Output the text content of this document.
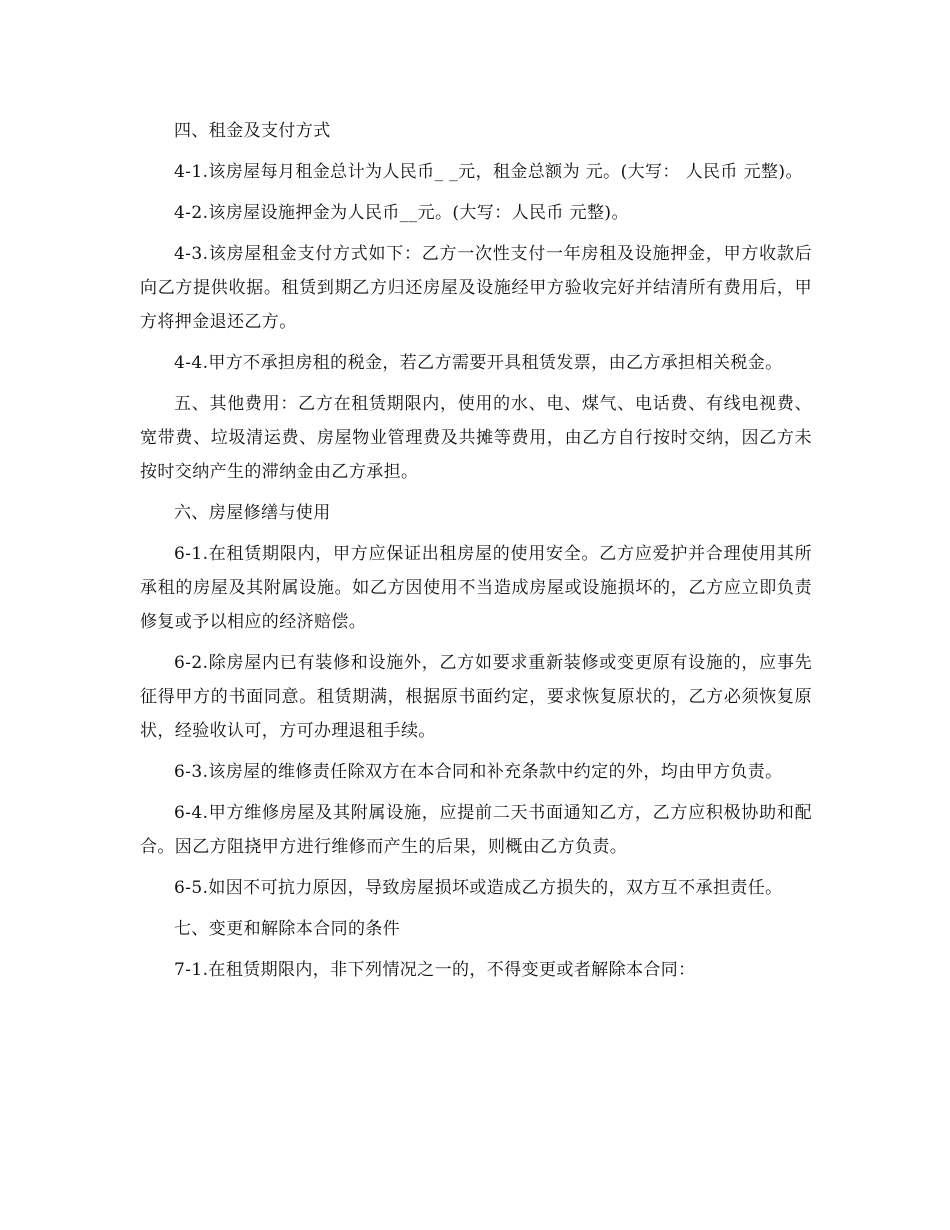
四、租金及支付方式

4-1.该房屋每月租金总计为人民币_ _元，租金总额为 元。(大写： 人民币 元整)。

4-2.该房屋设施押金为人民币__元。(大写：人民币 元整)。

4-3.该房屋租金支付方式如下：乙方一次性支付一年房租及设施押金，甲方收款后向乙方提供收据。租赁到期乙方归还房屋及设施经甲方验收完好并结清所有费用后，甲方将押金退还乙方。

4-4.甲方不承担房租的税金，若乙方需要开具租赁发票，由乙方承担相关税金。

五、其他费用：乙方在租赁期限内，使用的水、电、煤气、电话费、有线电视费、宽带费、垃圾清运费、房屋物业管理费及共摊等费用，由乙方自行按时交纳，因乙方未按时交纳产生的滞纳金由乙方承担。

六、房屋修缮与使用

6-1.在租赁期限内，甲方应保证出租房屋的使用安全。乙方应爱护并合理使用其所承租的房屋及其附属设施。如乙方因使用不当造成房屋或设施损坏的，乙方应立即负责修复或予以相应的经济赔偿。

6-2.除房屋内已有装修和设施外，乙方如要求重新装修或变更原有设施的，应事先征得甲方的书面同意。租赁期满，根据原书面约定，要求恢复原状的，乙方必须恢复原状，经验收认可，方可办理退租手续。

6-3.该房屋的维修责任除双方在本合同和补充条款中约定的外，均由甲方负责。

6-4.甲方维修房屋及其附属设施，应提前二天书面通知乙方，乙方应积极协助和配合。因乙方阻挠甲方进行维修而产生的后果，则概由乙方负责。

6-5.如因不可抗力原因，导致房屋损坏或造成乙方损失的，双方互不承担责任。

七、变更和解除本合同的条件

7-1.在租赁期限内，非下列情况之一的，不得变更或者解除本合同：
